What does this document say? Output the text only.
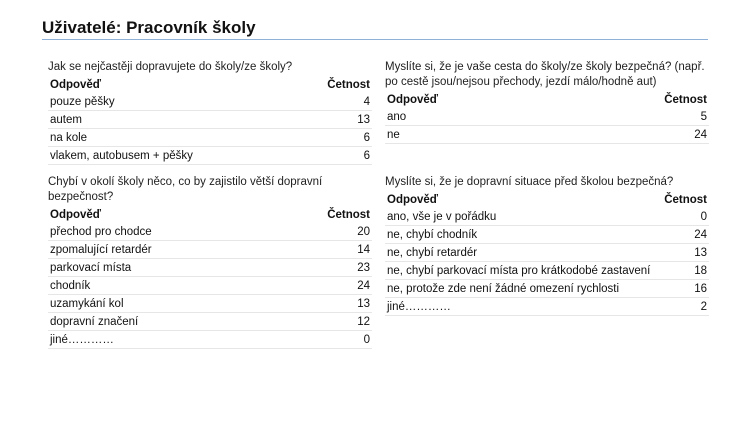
Uživatelé: Pracovník školy
Jak se nejčastěji dopravujete do školy/ze školy?
Odpověď	Četnost
pouze pěšky	4
autem	13
na kole	6
vlakem, autobusem + pěšky	6
Myslíte si, že je vaše cesta do školy/ze školy bezpečná? (např. po cestě jsou/nejsou přechody, jezdí málo/hodně aut)
Odpověď	Četnost
ano	5
ne	24
Chybí v okolí školy něco, co by zajistilo větší dopravní bezpečnost?
Odpověď	Četnost
přechod pro chodce	20
zpomalující retardér	14
parkovací místa	23
chodník	24
uzamykání kol	13
dopravní značení	12
jiné…………	0
Myslíte si, že je dopravní situace před školou bezpečná?
Odpověď	Četnost
ano, vše je v pořádku	0
ne, chybí chodník	24
ne, chybí retardér	13
ne, chybí parkovací místa pro krátkodobé zastavení	18
ne, protože zde není žádné omezení rychlosti	16
jiné…………	2
